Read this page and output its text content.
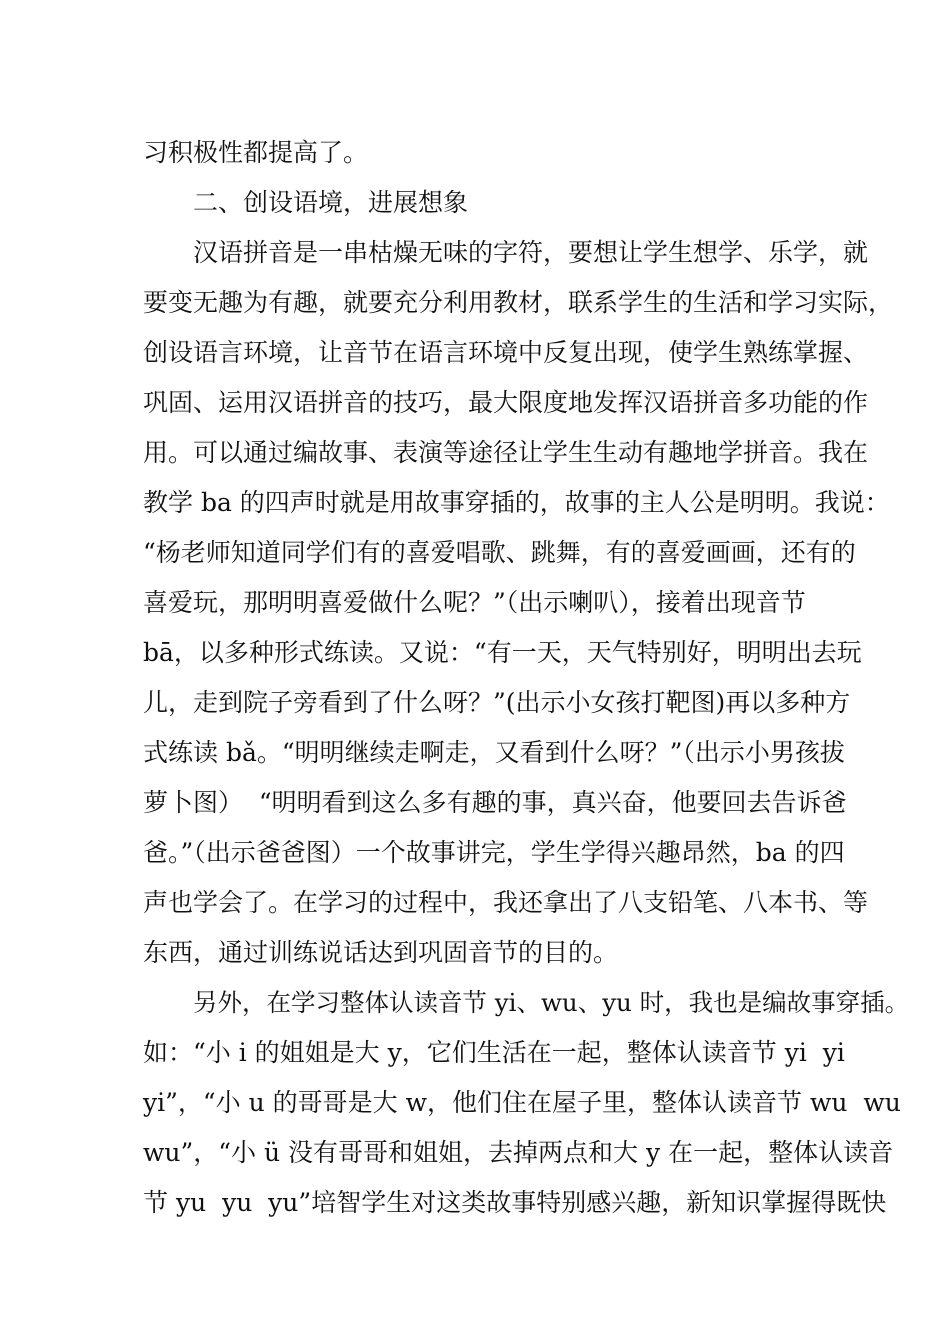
习积极性都提高了。
二、创设语境，进展想象
汉语拼音是一串枯燥无味的字符，要想让学生想学、乐学，就
要变无趣为有趣，就要充分利用教材，联系学生的生活和学习实际，
创设语言环境，让音节在语言环境中反复出现，使学生熟练掌握、
巩固、运用汉语拼音的技巧，最大限度地发挥汉语拼音多功能的作
用。可以通过编故事、表演等途径让学生生动有趣地学拼音。我在
教学 ba 的四声时就是用故事穿插的，故事的主人公是明明。我说：
“杨老师知道同学们有的喜爱唱歌、跳舞，有的喜爱画画，还有的
喜爱玩，那明明喜爱做什么呢？”（出示喇叭），接着出现音节
bā，以多种形式练读。又说：“有一天，天气特别好，明明出去玩
儿，走到院子旁看到了什么呀？”(出示小女孩打靶图)再以多种方
式练读 bǎ。“明明继续走啊走，又看到什么呀？”（出示小男孩拔
萝卜图）  “明明看到这么多有趣的事，真兴奋，他要回去告诉爸
爸。”（出示爸爸图）一个故事讲完，学生学得兴趣昂然，ba 的四
声也学会了。在学习的过程中，我还拿出了八支铅笔、八本书、等
东西，通过训练说话达到巩固音节的目的。
另外，在学习整体认读音节 yi、wu、yu 时，我也是编故事穿插。
如：“小 i 的姐姐是大 y，它们生活在一起，整体认读音节 yi  yi
yi”，“小 u 的哥哥是大 w，他们住在屋子里，整体认读音节 wu  wu
wu”，“小 ü 没有哥哥和姐姐，去掉两点和大 y 在一起，整体认读音
节 yu  yu  yu”培智学生对这类故事特别感兴趣，新知识掌握得既快
